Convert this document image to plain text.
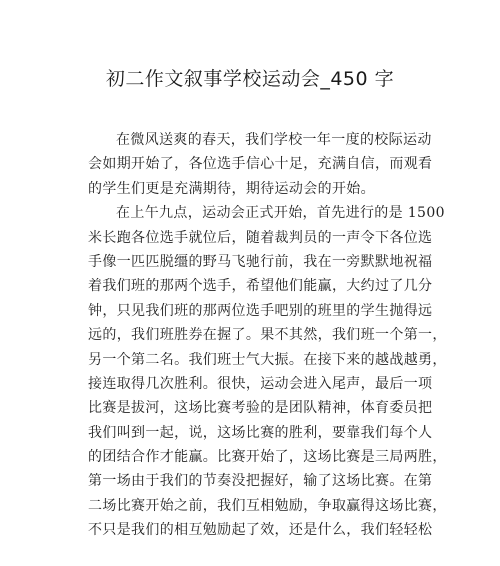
初二作文叙事学校运动会_450 字
在微风送爽的春天，我们学校一年一度的校际运动
会如期开始了，各位选手信心十足，充满自信，而观看
的学生们更是充满期待，期待运动会的开始。
在上午九点，运动会正式开始，首先进行的是 1500
米长跑各位选手就位后，随着裁判员的一声令下各位选
手像一匹匹脱缰的野马飞驰行前，我在一旁默默地祝福
着我们班的那两个选手，希望他们能赢，大约过了几分
钟，只见我们班的那两位选手吧别的班里的学生抛得远
远的，我们班胜券在握了。果不其然，我们班一个第一，
另一个第二名。我们班士气大振。在接下来的越战越勇，
接连取得几次胜利。很快，运动会进入尾声，最后一项
比赛是拔河，这场比赛考验的是团队精神，体育委员把
我们叫到一起，说，这场比赛的胜利，要靠我们每个人
的团结合作才能赢。比赛开始了，这场比赛是三局两胜，
第一场由于我们的节奏没把握好，输了这场比赛。在第
二场比赛开始之前，我们互相勉励，争取赢得这场比赛，
不只是我们的相互勉励起了效，还是什么，我们轻轻松
